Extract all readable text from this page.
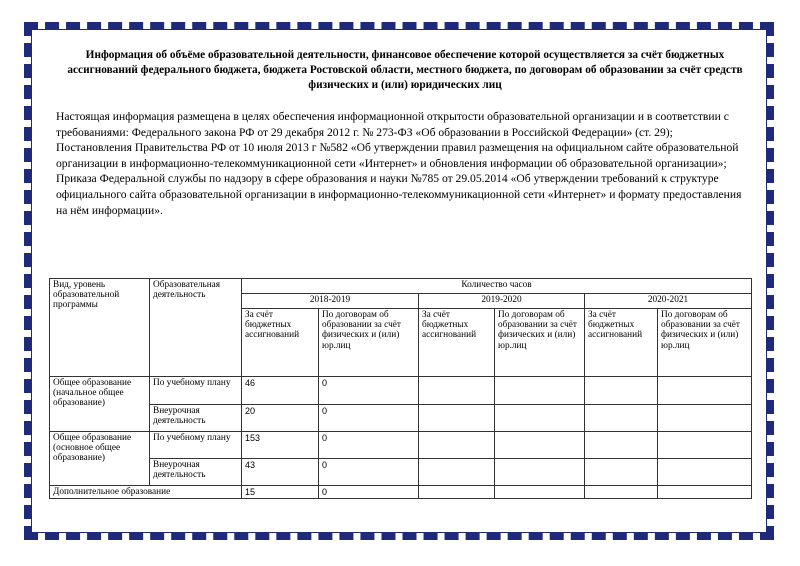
Информация об объёме образовательной деятельности, финансовое обеспечение которой осуществляется за счёт бюджетных ассигнований федерального бюджета, бюджета Ростовской области, местного бюджета, по договорам об образовании за счёт средств физических и (или) юридических лиц
Настоящая информация размещена в целях обеспечения информационной открытости образовательной организации и в соответствии с требованиями: Федерального закона РФ от 29 декабря 2012 г. № 273-ФЗ «Об образовании в Российской Федерации» (ст. 29); Постановления Правительства РФ от 10 июля 2013 г №582 «Об утверждении правил размещения на официальном сайте образовательной организации в информационно-телекоммуникационной сети «Интернет» и обновления информации об образовательной организации»; Приказа Федеральной службы по надзору в сфере образования и науки №785 от 29.05.2014 «Об утверждении требований к структуре официального сайта образовательной организации в информационно-телекоммуникационной сети «Интернет» и формату предоставления на нём информации».
Вид, уровень образовательной программы	Образовательная деятельность	Количество часов					
		2018-2019		2019-2020		2020-2021	
		За счёт бюджетных ассигнований	По договорам об образовании за счёт физических и (или) юр.лиц	За счёт бюджетных ассигнований	По договорам об образовании за счёт физических и (или) юр.лиц	За счёт бюджетных ассигнований	По договорам об образовании за счёт физических и (или) юр.лиц
Общее образование (начальное общее образование)	По учебному плану	46	0				
	Внеурочная деятельность	20	0				
Общее образование (основное общее образование)	По учебному плану	153	0				
	Внеурочная деятельность	43	0				
Дополнительное образование		15	0				
